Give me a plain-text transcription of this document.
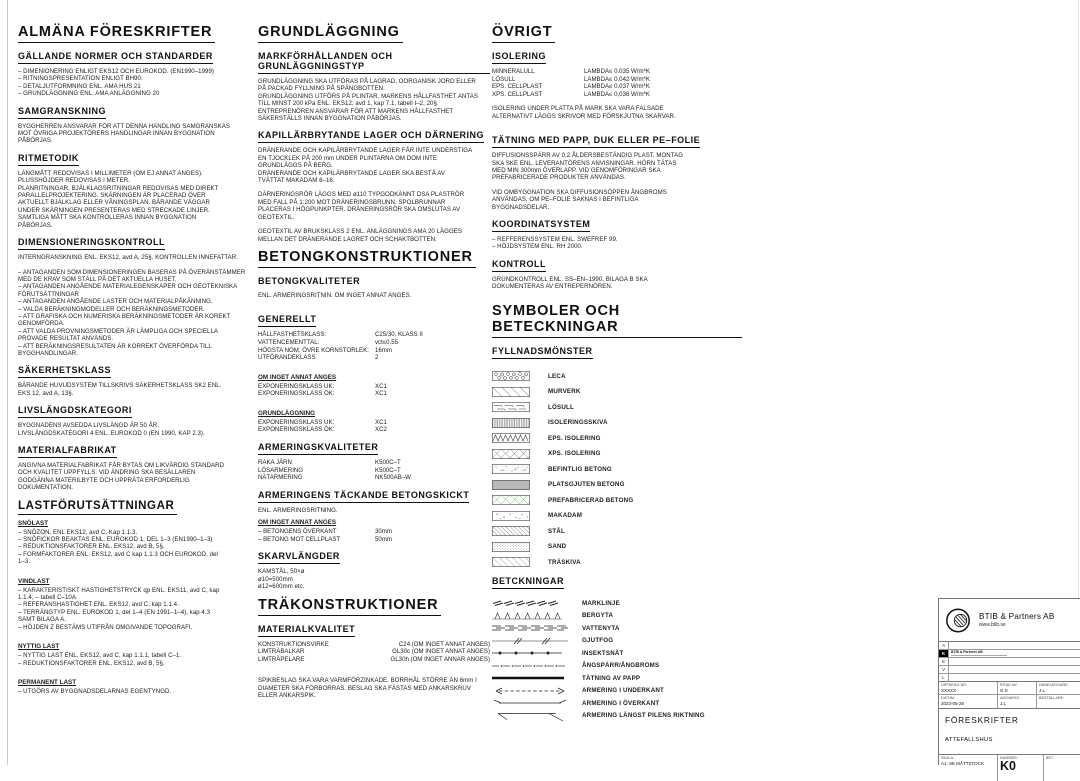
ALMÄNA FÖRESKRIFTER
GÄLLANDE NORMER OCH STANDARDER
– DIMENIONERING ENLIGT EKS12 OCH EUROKOD. (EN1990–1999)
– RITNINGSPRESENTATION ENLIGT BH90.
– DETALJUTFORMNING ENL. AMA HUS 21
– GRUNDLÄGGNING ENL. AMA ANLÄGGNING 20
SAMGRANSKNING
BYGGHERREN ANSVARAR FÖR ATT DENNA HANDLING SAMGRANSKAS
MOT ÖVRIGA PROJEKTÖRERS HANDLINGAR INNAN BYGGNATION
PÅBÖRJAS.
RITMETODIK
LÄNGMÅTT REDOVISAS I MILLIMETER (OM EJ ANNAT ANGES).
PLUSSHÖJDER REDOVISAS I METER.
PLANRITNINGAR, BJÄLKLAGSRITNINGAR REDOVISAS MED DIREKT
PARALLELPROJEKTERING. SKÄRNINGEN ÄR PLACERAD ÖVER
AKTUELLT BJÄLKLAG ELLER VÅNINGSPLAN. BÄRANDE VÄGGAR
UNDER SKÄRNINGEN PRESENTERAS MED STRECKADE LINJER.
SAMTLIGA MÅTT SKA KONTROLLERAS INNAN BYGGNATION
PÅBÖRJAS.
DIMENSIONERINGSKONTROLL
INTERNGRANSKNING ENL. EKS12, avd A, 25§. KONTROLLEN INNEFATTAR:
– ANTAGANDEN SOM DIMENSIONERINGEN BASERAS PÅ ÖVERÄNSTÄMMER
MED DE KRAV SOM STÄLL PÅ DET AKTUELLA HUSET.
– ANTAGANDEN ANGÅENDE MATERIALEGENSKAPER OCH GEOTEKNISKA
FÖRUTSÄTTNINGAR
– ANTAGANDEN ANGÅENDE LASTER OCH MATERIALPÅKÄNNING.
– VALDA BERÄKNINGMODELLER OCH BERÄKNINGSMETODER.
– ATT GRAFISKA OCH NUMERISKA BERÄKNINGSMETODER ÄR KOREKT
GENOMFÖRDA.
– ATT VALDA PROVNINGSMETODER ÄR LÄMPLIGA OCH SPECIELLA
PROVADE RESULTAT ANVÄNDS.
– ATT BERÄKNINGSRESULTATEN ÄR KORREKT ÖVERFÖRDA TILL
BYGGHANDLINGAR.
SÄKERHETSKLASS
BÄRANDE HUVUDSYSTEM TILLSKRIVS SÄKERHETSKLASS SK2 ENL.
EKS 12, avd A, 13§.
LIVSLÄNGDSKATEGORI
BYGGNADENS AVSEDDA LIVSLÄNGD ÄR 50 ÅR,
LIVSLÄNGDSKATEGORI 4 ENL. EUROKOD 0 (EN 1990, KAP 2.3).
MATERIALFABRIKAT
ANGIVNA MATERIALFABRIKAT FÅR BYTAS OM LIKVÄRDIG STANDARD
OCH KVALITET UPPFYLLS. VID ÄNDRING SKA BESÄLLAREN
GODGÄNNA MATERILBYTE OCH UPPRÄTA ERFORDERLIG
DOKUMENTATION.
LASTFÖRUTSÄTTNINGAR
SNÖLAST
– SNÖZON, ENL EKS12, avd C, Kap 1.1.3.
– SNÖFICKOR BEAKTAS ENL. EUROKOD 1, DEL 1–3 (EN1990–1–3)
– REDUKTIONSFAKTORER ENL. EKS12. avd B, 5§.
– FORMFAKTORER ENL. EKS12, avd C kap 1.1.3 OCH EUROKOD, del
1–3.
VINDLAST
– KARAKTERISTISKT HASTIGHETSTRYCK qp ENL. EKS11, avd C, kap
1.1.4, – tabell C–10A.
– REFERANSHASTIGHET ENL. EKS12, avd C, kap 1.1.4.
– TERRÄNGTYP ENL. EUROKOD 1, del 1–4 (EN 1991–1–4), kap 4.3
SAMT BILAGA A.
– HÖJDEN Z BESTÄMS UTIFRÅN OMGIVANDE TOPOGRAFI.
NYTTIG LAST
– NYTTIG LAST ENL. EKS12, avd C, kap 1.1.1, tabell C–1.
– REDUKTIONSFAKTORER ENL. EKS12, avd B, 5§.
PERMANENT LAST
– UTGÖRS AV BYGGNADSDELARNAS EGENTYNGD.
GRUNDLÄGGNING
MARKFÖRHÅLLANDEN OCH GRUNLÄGGNINGSTYP
GRUNDLÄGGNING SKA UTFÖRAS PÅ LAGRAD, OORGANISK JORD ELLER
PÅ PACKAD FYLLNING PÅ SPÄNGBOTTEN.
GRUNDLÄGGNING UTFÖRS PÅ PLINTAR. MARKENS HÅLLFASTHET ANTAS
TILL MINST 200 kPa ENL. EKS12, avd 1, kap 7.1, tabell I–2, 20§.
ENTREPRENÖREN ANSVARAR FÖR ATT MARKENS HÅLLFASTHET
SÄKERSTÄLLS INNAN BYGGNATION PÅBÖRJAS.
KAPILLÄRBRYTANDE LAGER OCH DÄRNERING
DRÄNERANDE OCH KAPILÄRBRYTANDE LAGER FÅR INTE UNDERSTIGA
EN TJOCKLEK PÅ 200 mm UNDER PLINTARNA OM DOM INTE
GRUNDLÄGGS PÅ BERG.
DRÄNERANDE OCH KAPILÄRBRYTANDE LAGER SKA BESTÅ AV
TVÄTTAT MAKADAM 8–16.
DÄRNERINGSRÖR LÄGGS MED ø110 TYPGODKÄNNT DSA PLASTRÖR
MED FALL PÅ 1:200 MOT DRÄNERINGSBRUNN. SPOLBRUNNAR
PLACERAS I HÖGPUNKPTER. DRÄNERINGSRÖR SKA OMSLUTAS AV
GEOTEXTIL.
GEOTEXTIL AV BRUKSKLASS 2 ENL. ANLÄGGNINGS AMA 20 LÄGGES
MELLAN DET DRÄNERANDE LAGRET OCH SCHAKTBOTTEN.
BETONGKONSTRUKTIONER
BETONGKVALITETER
ENL. ARMERINGSRITNIN. OM INGET ANNAT ANGES.
GENERELLT
HÅLLFASTHETSKLASS:	C25/30, KLASS II
VATTENCEMENTTAL:	vct≤0.55
HÖGSTA NOM. ÖVRE KORNSTORLEK:	16mm
UTFÖRANDEKLASS	2
OM INGET ANNAT ANGES
EXPONERINGSKLASS UK:	XC1
EXPONERINGSKLASS ÖK:	XC1
GRUNDLÄGGNING
EXPONERINGSKLASS UK:	XC1
EXPONERINGSKLASS ÖK:	XC2
ARMERINGSKVALITETER
RAKA JÄRN	K500C–T
LÖSARMERING	K500C–T
NÄTARMERING	NK500AB–W
ARMERINGENS TÄCKANDE BETONGSKICKT
ENL. ARMERINGSRITNING.
OM INGET ANNAT ANGES
– BETONGENS ÖVERKANT	30mm
– BETONG MOT CELLPLAST	50mm
SKARVLÄNGDER
KAMSTÅL, 50×ø
ø10=500mm
ø12=600mm etc.
TRÄKONSTRUKTIONER
MATERIALKVALITET
KONSTRUKTIONSVIRKE	C24 (OM INGET ANNAT ANGES)
LIMTRÄBALKAR	GL30c (OM INGET ANNAT ANGES)
LIMTRÄPELARE	GL30h (OM INGET ANNAR ANGES)
SPIKBESLAG SKA VARA VARMFÖRZINKADE. BORRHÅL STÖRRE ÄN 6mm I
DIAMETER SKA FÖRBORRAS. BESLAG SKA FÄSTAS MED ANKARSKRUV
ELLER ANKARSPIK.
ÖVRIGT
ISOLERING
MINNERALULL	LAMBDA≤ 0.035 W/m*K
LÖSULL	LAMBDA≤ 0.042 W/m*K
EPS. CELLPLAST	LAMBDA≤ 0.037 W/m*K
XPS. CELLPLAST	LAMBDA≤ 0,036 W/m*K
ISOLERING UNDER PLATTA PÅ MARK SKA VARA FALSADE
ALTERNATIVT LÄGGS SKRIVOR MED FÖRSKJUTNA SKARVAR.
TÄTNING MED PAPP, DUK ELLER PE–FOLIE
DIFFUSIONSSPÄRR AV 0,2 ÅLDERSBESTÄNDIG PLAST. MONTAG
SKA SKE ENL. LEVERANTÖRENS ANVISNINGAR. HÖRN TÄTAS
MED MIN 300mm ÖVERLAPP. VID GENOMFÖRINGAR SKA
PREFABRICERADE PRODUKTER ANVÄNDAS.
VID OMBYGGNATION SKA DIFFUSIONSÖPPEN ÅNGBROMS
ANVÄNDAS, OM PE–FOLIE SAKNAS I BEFINTLIGA
BYGGNADSDELAR.
KOORDINATSYSTEM
– REFFERENSSYSTEM ENL. SWEFREF 99.
– HÖJDSYSTEM ENL. RH 2000.
KONTROLL
GRUNDKONTROLL ENL. SS–EN–1990, BILAGA B SKA
DOKUMENTERAS AV ENTREPERNÖREN.
SYMBOLER OCH BETECKNINGAR
FYLLNADSMÖNSTER
LECA
MURVERK
LÖSULL
ISOLERINGSSKIVA
EPS. ISOLERING
XPS. ISOLERING
BEFINTLIG BETONG
PLATSGJUTEN BETONG
PREFABRICERAD BETONG
MAKADAM
STÅL
SAND
TRÄSKIVA
BETCKNINGAR
MARKLINJE
BERGYTA
VATTENYTA
GJUTFOG
INSEKTSNÄT
ÅNGSPÄRR/ÅNGBROMS
TÄTNING AV PAPP
ARMERING I UNDERKANT
ARMERING I ÖVERKANT
ARMERING LÄNGST PILENS RIKTNING
BTIB & Partners AB
www.btib.se
A
K	BTIB & Partners AB
E
V
L
UPPDRAG NR:
XXXXX
RITAD AV:
G.S
HANDLÄGGARE:
J.L
DATUM:
2023-05-26
ANSVARIG:
J.L
BESTÄLLARE:
FÖRESKRIFTER
ATTEFALLSHUS
SKALA:
A1: SE MÅTTSTOCK
NUMMER:
K0
BET
